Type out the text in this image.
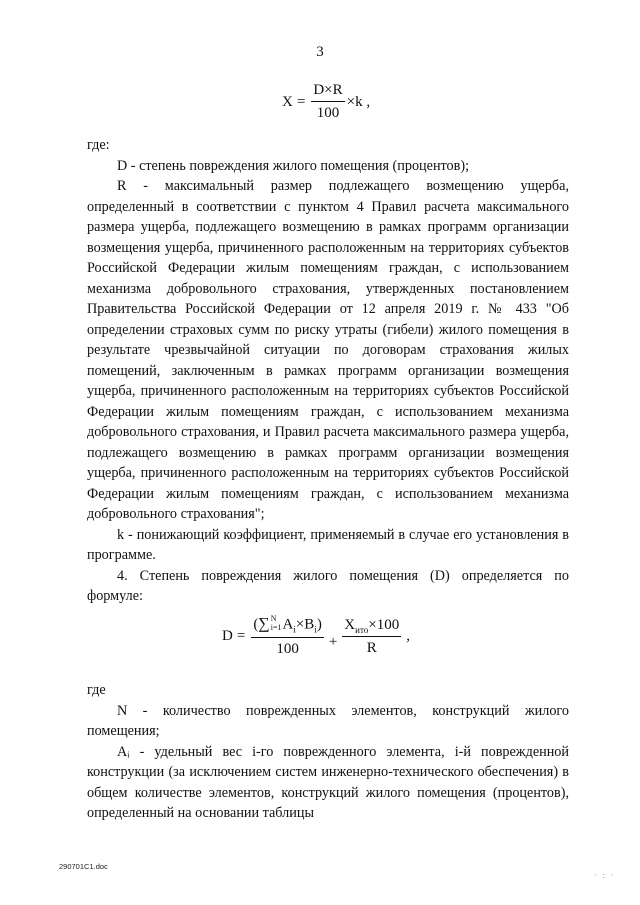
3
$X = \frac{D\times R}{100} \times k$ ,

где:

D - степень повреждения жилого помещения (процентов);

R - максимальный размер подлежащего возмещению ущерба, определенный в соответствии с пунктом 4 Правил расчета максимального размера ущерба, подлежащего возмещению в рамках программ организации возмещения ущерба, причиненного расположенным на территориях субъектов Российской Федерации жилым помещениям граждан, с использованием механизма добровольного страхования, утвержденных постановлением Правительства Российской Федерации от 12 апреля 2019 г. № 433 "Об определении страховых сумм по риску утраты (гибели) жилого помещения в результате чрезвычайной ситуации по договорам страхования жилых помещений, заключенным в рамках программ организации возмещения ущерба, причиненного расположенным на территориях субъектов Российской Федерации жилым помещениям граждан, с использованием механизма добровольного страхования, и Правил расчета максимального размера ущерба, подлежащего возмещению в рамках программ организации возмещения ущерба, причиненного расположенным на территориях субъектов Российской Федерации жилым помещениям граждан, с использованием механизма добровольного страхования";

k - понижающий коэффициент, применяемый в случае его установления в программе.

4. Степень повреждения жилого помещения (D) определяется по формуле:

D = (∑ N
i=1 $A_i\times B_i$)
$100 + \frac{X_{ито}\times 100}{R}$ ,

где

N - количество поврежденных элементов, конструкций жилого помещения;

Aᵢ - удельный вес i-го поврежденного элемента, i-й поврежденной конструкции (за исключением систем инженерно-технического обеспечения) в общем количестве элементов, конструкций жилого помещения (процентов), определенный на основании таблицы

290701C1.doc
· : ·
